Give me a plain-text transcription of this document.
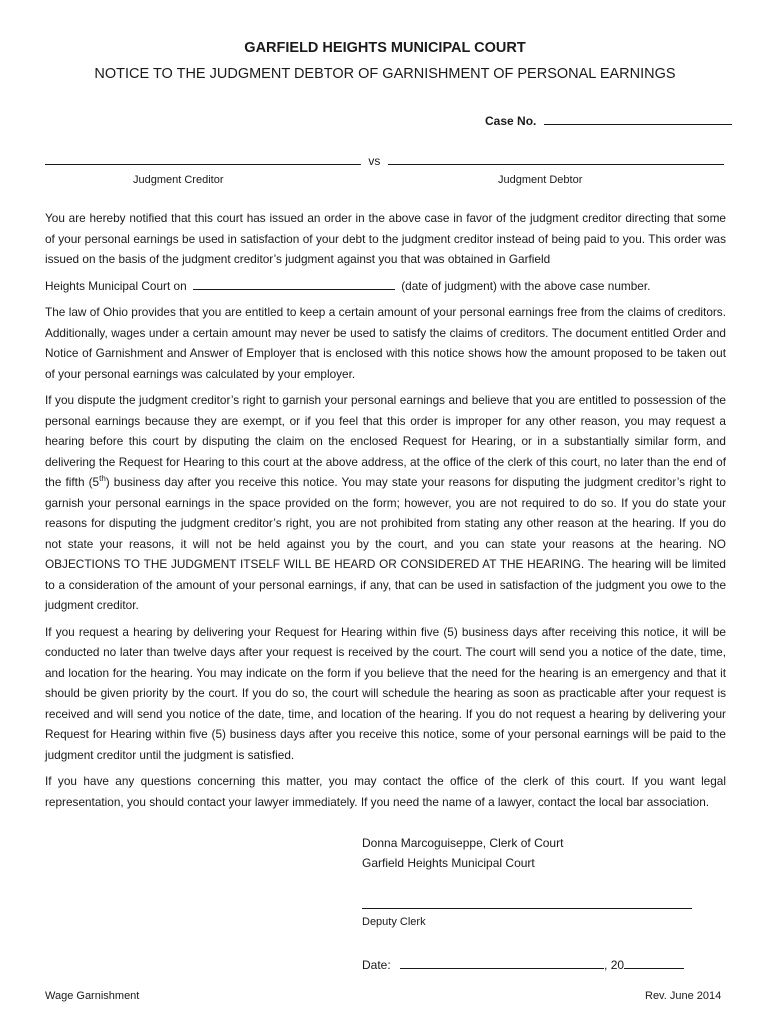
GARFIELD HEIGHTS MUNICIPAL COURT
NOTICE TO THE JUDGMENT DEBTOR OF GARNISHMENT OF PERSONAL EARNINGS
Case No.
vs
Judgment Creditor	Judgment Debtor

You are hereby notified that this court has issued an order in the above case in favor of the judgment creditor directing that some of your personal earnings be used in satisfaction of your debt to the judgment creditor instead of being paid to you. This order was issued on the basis of the judgment creditor’s judgment against you that was obtained in Garfield

Heights Municipal Court on	(date of judgment) with the above case number.

The law of Ohio provides that you are entitled to keep a certain amount of your personal earnings free from the claims of creditors. Additionally, wages under a certain amount may never be used to satisfy the claims of creditors. The document entitled Order and Notice of Garnishment and Answer of Employer that is enclosed with this notice shows how the amount proposed to be taken out of your personal earnings was calculated by your employer.

If you dispute the judgment creditor’s right to garnish your personal earnings and believe that you are entitled to possession of the personal earnings because they are exempt, or if you feel that this order is improper for any other reason, you may request a hearing before this court by disputing the claim on the enclosed Request for Hearing, or in a substantially similar form, and delivering the Request for Hearing to this court at the above address, at the office of the clerk of this court, no later than the end of the fifth (5th) business day after you receive this notice. You may state your reasons for disputing the judgment creditor’s right to garnish your personal earnings in the space provided on the form; however, you are not required to do so. If you do state your reasons for disputing the judgment creditor’s right, you are not prohibited from stating any other reason at the hearing. If you do not state your reasons, it will not be held against you by the court, and you can state your reasons at the hearing. NO OBJECTIONS TO THE JUDGMENT ITSELF WILL BE HEARD OR CONSIDERED AT THE HEARING. The hearing will be limited to a consideration of the amount of your personal earnings, if any, that can be used in satisfaction of the judgment you owe to the judgment creditor.

If you request a hearing by delivering your Request for Hearing within five (5) business days after receiving this notice, it will be conducted no later than twelve days after your request is received by the court. The court will send you a notice of the date, time, and location for the hearing. You may indicate on the form if you believe that the need for the hearing is an emergency and that it should be given priority by the court. If you do so, the court will schedule the hearing as soon as practicable after your request is received and will send you notice of the date, time, and location of the hearing. If you do not request a hearing by delivering your Request for Hearing within five (5) business days after you receive this notice, some of your personal earnings will be paid to the judgment creditor until the judgment is satisfied.

If you have any questions concerning this matter, you may contact the office of the clerk of this court. If you want legal representation, you should contact your lawyer immediately. If you need the name of a lawyer, contact the local bar association.

Donna Marcoguiseppe, Clerk of Court
Garfield Heights Municipal Court
Deputy Clerk
Date:	, 20
Wage Garnishment	Rev. June 2014
